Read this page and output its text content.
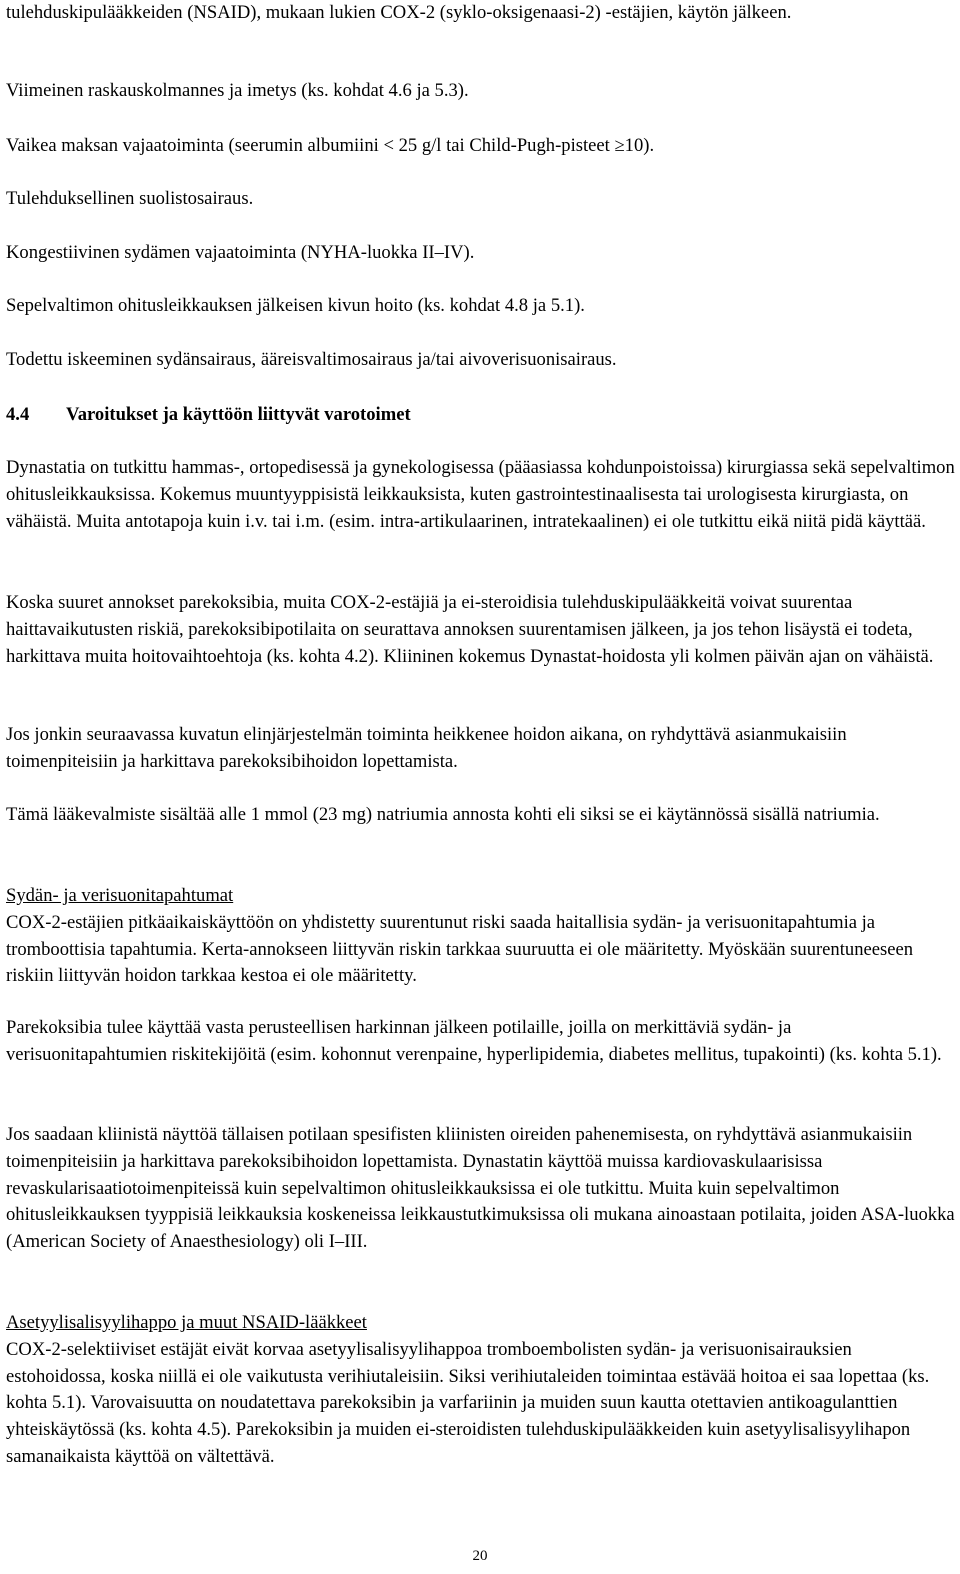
tulehduskipulääkkeiden (NSAID), mukaan lukien COX-2 (syklo-oksigenaasi-2) -estäjien, käytön jälkeen.
Viimeinen raskauskolmannes ja imetys (ks. kohdat 4.6 ja 5.3).
Vaikea maksan vajaatoiminta (seerumin albumiini < 25 g/l tai Child-Pugh-pisteet ≥10).
Tulehduksellinen suolistosairaus.
Kongestiivinen sydämen vajaatoiminta (NYHA-luokka II–IV).
Sepelvaltimon ohitusleikkauksen jälkeisen kivun hoito (ks. kohdat 4.8 ja 5.1).
Todettu iskeeminen sydänsairaus, ääreisvaltimosairaus ja/tai aivoverisuonisairaus.
4.4 Varoitukset ja käyttöön liittyvät varotoimet
Dynastatia on tutkittu hammas-, ortopedisessä ja gynekologisessa (pääasiassa kohdunpoistoissa) kirurgiassa sekä sepelvaltimon ohitusleikkauksissa. Kokemus muuntyyppisistä leikkauksista, kuten gastrointestinaalisesta tai urologisesta kirurgiasta, on vähäistä. Muita antotapoja kuin i.v. tai i.m. (esim. intra-artikulaarinen, intratekaalinen) ei ole tutkittu eikä niitä pidä käyttää.
Koska suuret annokset parekoksibia, muita COX-2-estäjiä ja ei-steroidisia tulehduskipulääkkeitä voivat suurentaa haittavaikutusten riskiä, parekoksibipotilaita on seurattava annoksen suurentamisen jälkeen, ja jos tehon lisäystä ei todeta, harkittava muita hoitovaihtoehtoja (ks. kohta 4.2). Kliininen kokemus Dynastat-hoidosta yli kolmen päivän ajan on vähäistä.
Jos jonkin seuraavassa kuvatun elinjärjestelmän toiminta heikkenee hoidon aikana, on ryhdyttävä asianmukaisiin toimenpiteisiin ja harkittava parekoksibihoidon lopettamista.
Tämä lääkevalmiste sisältää alle 1 mmol (23 mg) natriumia annosta kohti eli siksi se ei käytännössä sisällä natriumia.
Sydän- ja verisuonitapahtumat
COX-2-estäjien pitkäaikaiskäyttöön on yhdistetty suurentunut riski saada haitallisia sydän- ja verisuonitapahtumia ja tromboottisia tapahtumia. Kerta-annokseen liittyvän riskin tarkkaa suuruutta ei ole määritetty. Myöskään suurentuneeseen riskiin liittyvän hoidon tarkkaa kestoa ei ole määritetty.
Parekoksibia tulee käyttää vasta perusteellisen harkinnan jälkeen potilaille, joilla on merkittäviä sydän- ja verisuonitapahtumien riskitekijöitä (esim. kohonnut verenpaine, hyperlipidemia, diabetes mellitus, tupakointi) (ks. kohta 5.1).
Jos saadaan kliinistä näyttöä tällaisen potilaan spesifisten kliinisten oireiden pahenemisesta, on ryhdyttävä asianmukaisiin toimenpiteisiin ja harkittava parekoksibihoidon lopettamista. Dynastatin käyttöä muissa kardiovaskulaarisissa revaskularisaatiotoimenpiteissä kuin sepelvaltimon ohitusleikkauksissa ei ole tutkittu. Muita kuin sepelvaltimon ohitusleikkauksen tyyppisiä leikkauksia koskeneissa leikkaustutkimuksissa oli mukana ainoastaan potilaita, joiden ASA-luokka (American Society of Anaesthesiology) oli I–III.
Asetyylisalisyylihappo ja muut NSAID-lääkkeet
COX-2-selektiiviset estäjät eivät korvaa asetyylisalisyylihappoa tromboembolisten sydän- ja verisuonisairauksien estohoidossa, koska niillä ei ole vaikutusta verihiutaleisiin. Siksi verihiutaleiden toimintaa estävää hoitoa ei saa lopettaa (ks. kohta 5.1). Varovaisuutta on noudatettava parekoksibin ja varfariinin ja muiden suun kautta otettavien antikoagulanttien yhteiskäytössä (ks. kohta 4.5). Parekoksibin ja muiden ei-steroidisten tulehduskipulääkkeiden kuin asetyylisalisyylihapon samanaikaista käyttöä on vältettävä.
20
